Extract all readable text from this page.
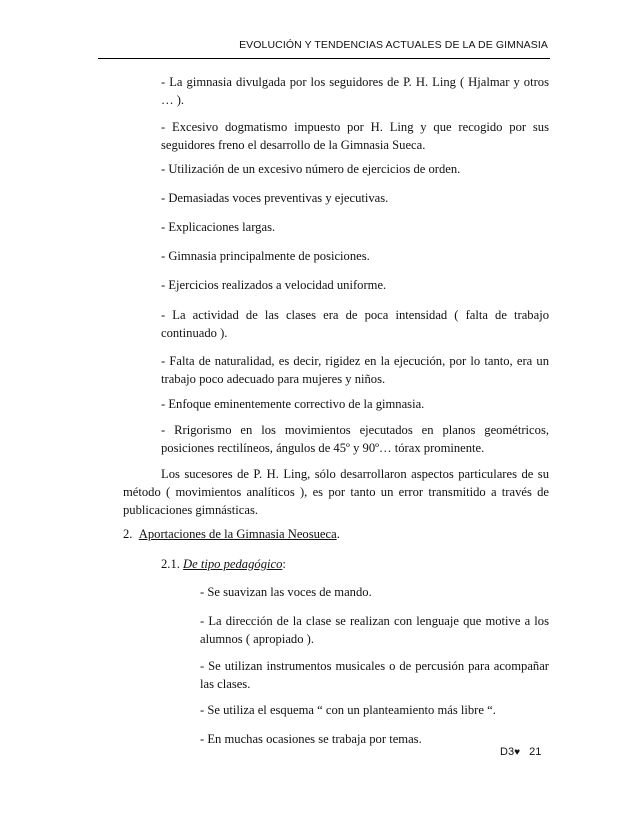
EVOLUCIÓN Y TENDENCIAS ACTUALES DE LA DE GIMNASIA

- La gimnasia divulgada por los seguidores de P. H. Ling ( Hjalmar y otros … ).

- Excesivo dogmatismo impuesto por H. Ling y que recogido por sus seguidores freno el desarrollo de la Gimnasia Sueca.

- Utilización de un excesivo número de ejercicios de orden.

- Demasiadas voces preventivas y ejecutivas.

- Explicaciones largas.

- Gimnasia principalmente de posiciones.

- Ejercicios realizados a velocidad uniforme.

- La actividad de las clases era de poca intensidad ( falta de trabajo continuado ).

- Falta de naturalidad, es decir, rigidez en la ejecución, por lo tanto, era un trabajo poco adecuado para mujeres y niños.

- Enfoque eminentemente correctivo de la gimnasia.

- Rrigorismo en los movimientos ejecutados en planos geométricos, posiciones rectilíneos, ángulos de 45º y 90º… tórax prominente.

Los sucesores de P. H. Ling, sólo desarrollaron aspectos particulares de su método ( movimientos analíticos ), es por tanto un error transmitido a través de publicaciones gimnásticas.

2. Aportaciones de la Gimnasia Neosueca.

2.1. De tipo pedagógico:

- Se suavizan las voces de mando.

- La dirección de la clase se realizan con lenguaje que motive a los alumnos ( apropiado ).

- Se utilizan instrumentos musicales o de percusión para acompañar las clases.

- Se utiliza el esquema “ con un planteamiento más libre “.

- En muchas ocasiones se trabaja por temas.

D3♥ 21
